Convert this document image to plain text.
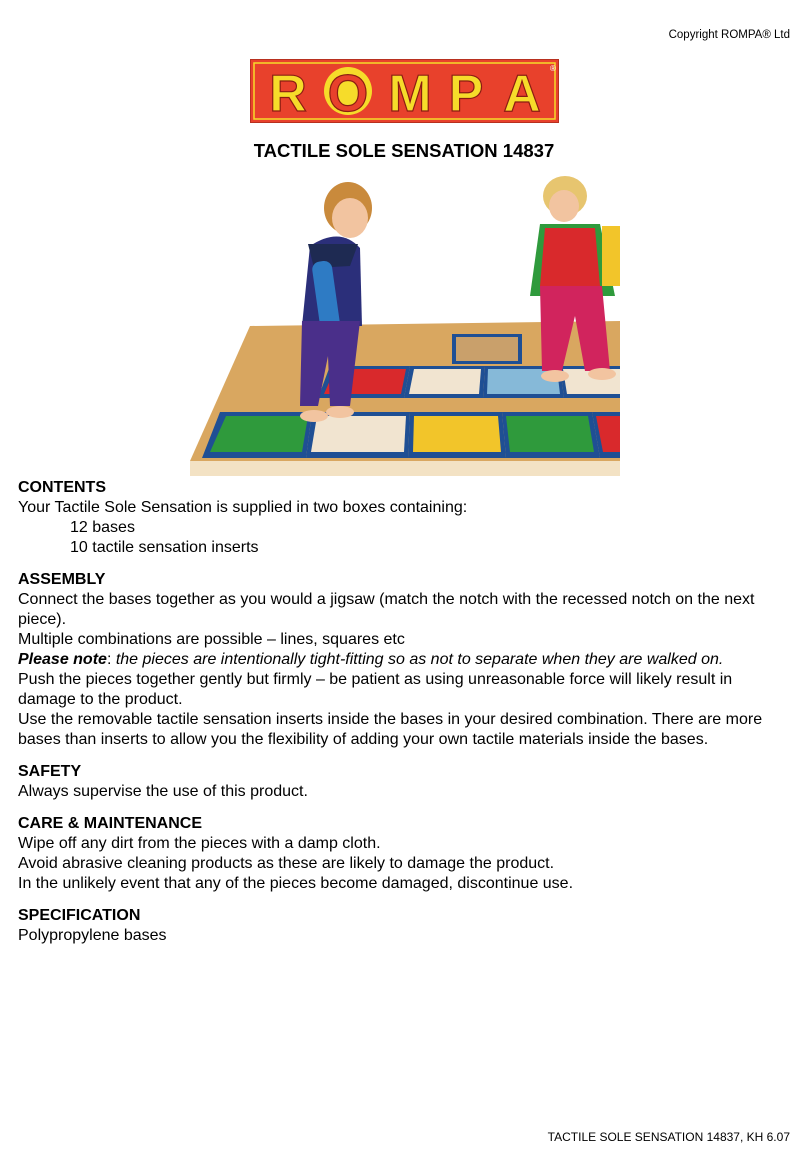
Copyright ROMPA® Ltd
R O M P A ®
TACTILE SOLE SENSATION 14837
CONTENTS

Your Tactile Sole Sensation is supplied in two boxes containing:

12 bases

10 tactile sensation inserts

ASSEMBLY

Connect the bases together as you would a jigsaw (match the notch with the recessed notch on the next piece).

Multiple combinations are possible – lines, squares etc

Please note: the pieces are intentionally tight-fitting so as not to separate when they are walked on.

Push the pieces together gently but firmly – be patient as using unreasonable force will likely result in damage to the product.

Use the removable tactile sensation inserts inside the bases in your desired combination. There are more bases than inserts to allow you the flexibility of adding your own tactile materials inside the bases.

SAFETY

Always supervise the use of this product.

CARE & MAINTENANCE

Wipe off any dirt from the pieces with a damp cloth.

Avoid abrasive cleaning products as these are likely to damage the product.

In the unlikely event that any of the pieces become damaged, discontinue use.

SPECIFICATION

Polypropylene bases

TACTILE SOLE SENSATION 14837, KH 6.07
